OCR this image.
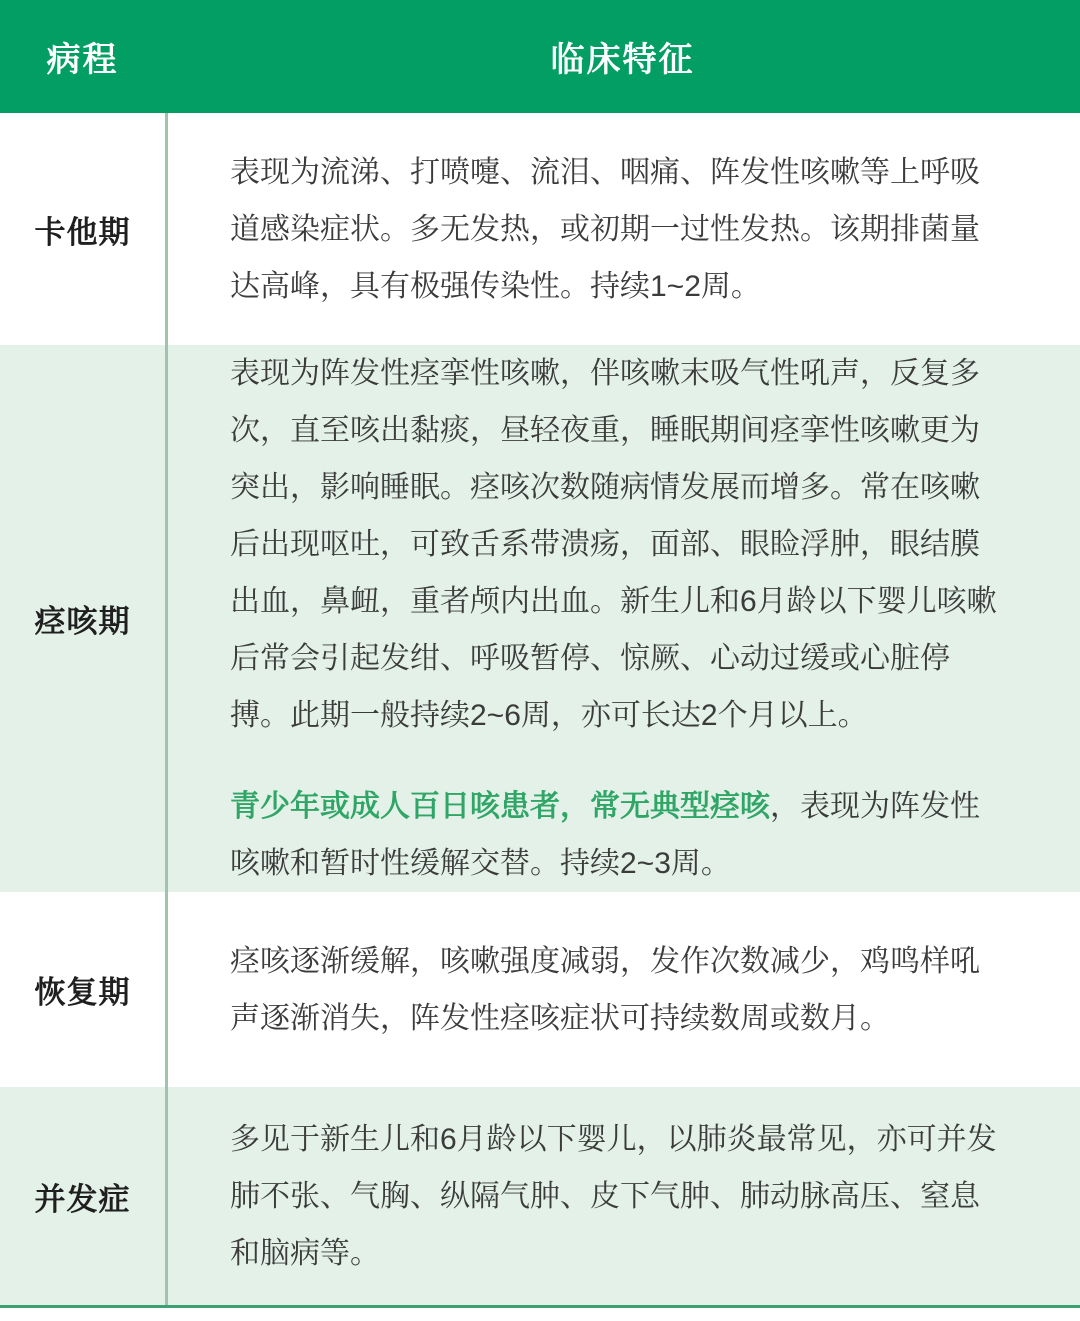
病程	临床特征
卡他期

表现为流涕、打喷嚏、流泪、咽痛、阵发性咳嗽等上呼吸道感染症状。多无发热，或初期一过性发热。该期排菌量达高峰，具有极强传染性。持续1~2周。

痉咳期

表现为阵发性痉挛性咳嗽，伴咳嗽末吸气性吼声，反复多次，直至咳出黏痰，昼轻夜重，睡眠期间痉挛性咳嗽更为突出，影响睡眠。痉咳次数随病情发展而增多。常在咳嗽后出现呕吐，可致舌系带溃疡，面部、眼睑浮肿，眼结膜出血，鼻衄，重者颅内出血。新生儿和6月龄以下婴儿咳嗽后常会引起发绀、呼吸暂停、惊厥、心动过缓或心脏停搏。此期一般持续2~6周，亦可长达2个月以上。

青少年或成人百日咳患者，常无典型痉咳，表现为阵发性咳嗽和暂时性缓解交替。持续2~3周。

恢复期

痉咳逐渐缓解，咳嗽强度减弱，发作次数减少，鸡鸣样吼声逐渐消失，阵发性痉咳症状可持续数周或数月。

并发症

多见于新生儿和6月龄以下婴儿，以肺炎最常见，亦可并发肺不张、气胸、纵隔气肿、皮下气肿、肺动脉高压、窒息和脑病等。
